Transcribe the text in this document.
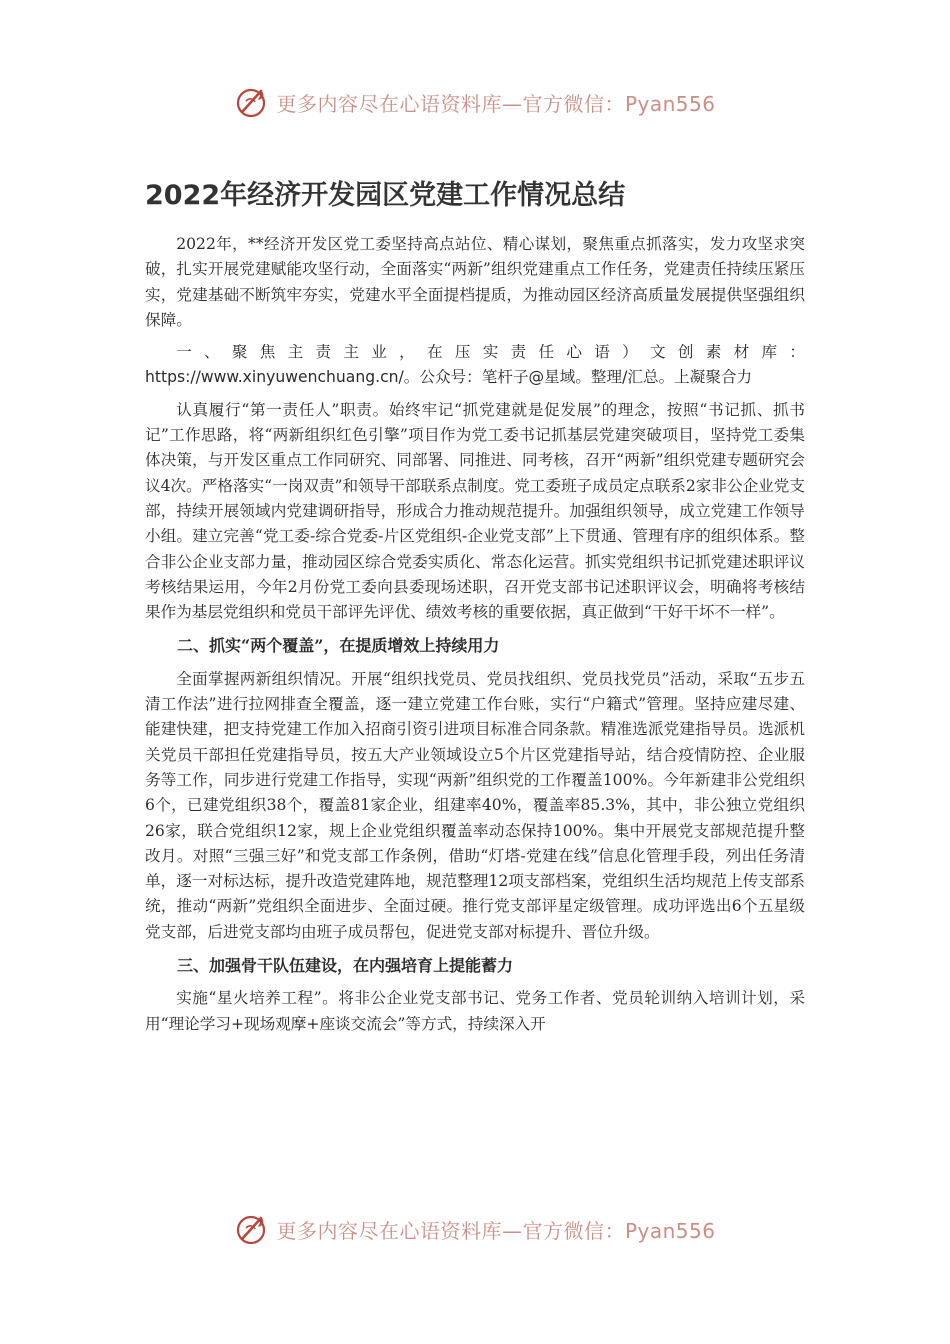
更多内容尽在心语资料库—官方微信：Pyan556
2022年经济开发园区党建工作情况总结

2022年，**经济开发区党工委坚持高点站位、精心谋划，聚焦重点抓落实，发力攻坚求突破，扎实开展党建赋能攻坚行动，全面落实“两新”组织党建重点工作任务，党建责任持续压紧压实，党建基础不断筑牢夯实，党建水平全面提档提质，为推动园区经济高质量发展提供坚强组织保障。

一、聚焦主责主业，在压实责任心语）文创素材库：https://www.xinyuwenchuang.cn/。公众号：笔杆子@星域。整理/汇总。上凝聚合力

认真履行“第一责任人”职责。始终牢记“抓党建就是促发展”的理念，按照“书记抓、抓书记”工作思路，将“两新组织红色引擎”项目作为党工委书记抓基层党建突破项目，坚持党工委集体决策，与开发区重点工作同研究、同部署、同推进、同考核，召开“两新”组织党建专题研究会议4次。严格落实“一岗双责”和领导干部联系点制度。党工委班子成员定点联系2家非公企业党支部，持续开展领域内党建调研指导，形成合力推动规范提升。加强组织领导，成立党建工作领导小组。建立完善“党工委-综合党委-片区党组织-企业党支部”上下贯通、管理有序的组织体系。整合非公企业支部力量，推动园区综合党委实质化、常态化运营。抓实党组织书记抓党建述职评议考核结果运用，今年2月份党工委向县委现场述职，召开党支部书记述职评议会，明确将考核结果作为基层党组织和党员干部评先评优、绩效考核的重要依据，真正做到“干好干坏不一样”。

二、抓实“两个覆盖”，在提质增效上持续用力

全面掌握两新组织情况。开展“组织找党员、党员找组织、党员找党员”活动，采取“五步五清工作法”进行拉网排查全覆盖，逐一建立党建工作台账，实行“户籍式”管理。坚持应建尽建、能建快建，把支持党建工作加入招商引资引进项目标准合同条款。精准选派党建指导员。选派机关党员干部担任党建指导员，按五大产业领域设立5个片区党建指导站，结合疫情防控、企业服务等工作，同步进行党建工作指导，实现“两新”组织党的工作覆盖100%。今年新建非公党组织6个，已建党组织38个，覆盖81家企业，组建率40%，覆盖率85.3%，其中，非公独立党组织26家，联合党组织12家，规上企业党组织覆盖率动态保持100%。集中开展党支部规范提升整改月。对照“三强三好”和党支部工作条例，借助“灯塔-党建在线”信息化管理手段，列出任务清单，逐一对标达标，提升改造党建阵地，规范整理12项支部档案，党组织生活均规范上传支部系统，推动“两新”党组织全面进步、全面过硬。推行党支部评星定级管理。成功评选出6个五星级党支部，后进党支部均由班子成员帮包，促进党支部对标提升、晋位升级。

三、加强骨干队伍建设，在内强培育上提能蓄力

实施“星火培养工程”。将非公企业党支部书记、党务工作者、党员轮训纳入培训计划，采用“理论学习+现场观摩+座谈交流会”等方式，持续深入开

更多内容尽在心语资料库—官方微信：Pyan556
